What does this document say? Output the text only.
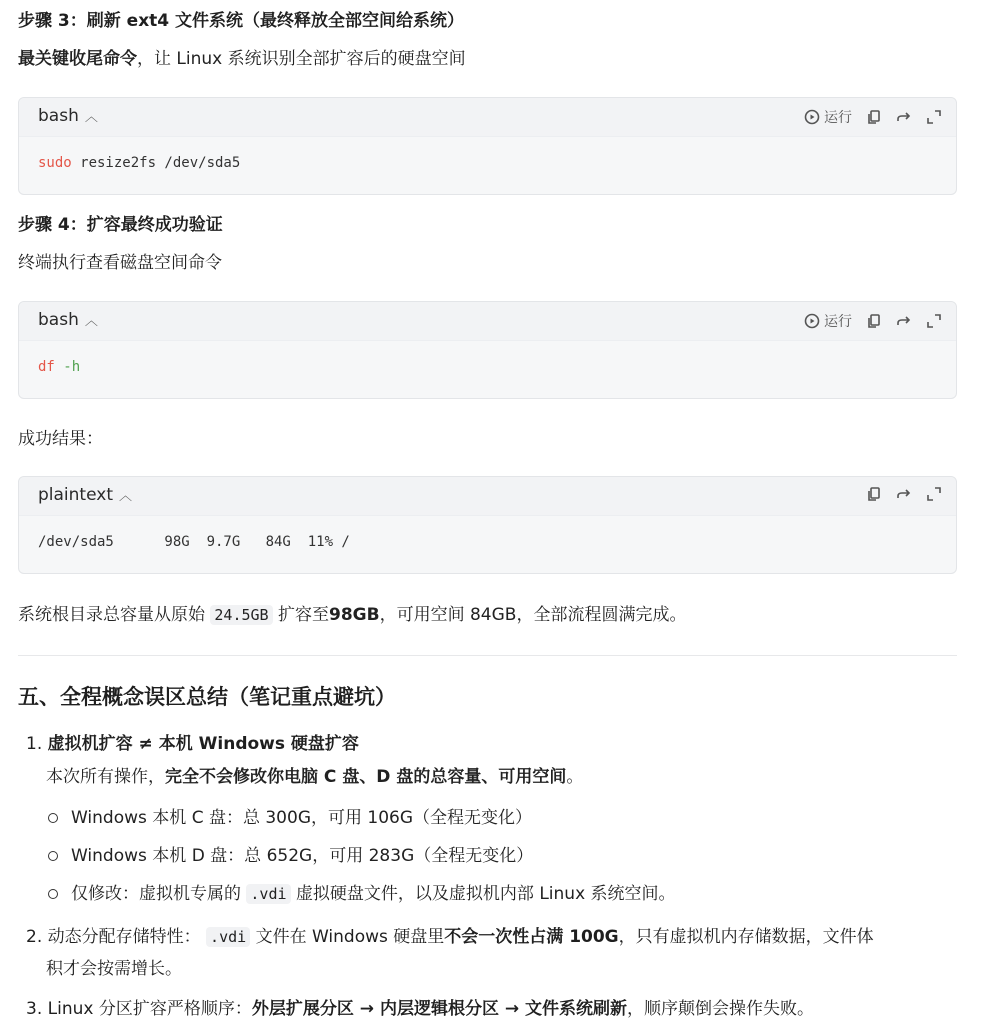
步骤 3：刷新 ext4 文件系统（最终释放全部空间给系统）
最关键收尾命令，让 Linux 系统识别全部扩容后的硬盘空间
bash ︿	运行
sudo resize2fs /dev/sda5
步骤 4：扩容最终成功验证
终端执行查看磁盘空间命令
bash ︿	运行
df -h
成功结果：
plaintext ︿
/dev/sda5      98G  9.7G   84G  11% /
系统根目录总容量从原始 24.5GB 扩容至98GB，可用空间 84GB，全部流程圆满完成。
五、全程概念误区总结（笔记重点避坑）
1. 虚拟机扩容 ≠ 本机 Windows 硬盘扩容
本次所有操作，完全不会修改你电脑 C 盘、D 盘的总容量、可用空间。
Windows 本机 C 盘：总 300G，可用 106G（全程无变化）
Windows 本机 D 盘：总 652G，可用 283G（全程无变化）
仅修改：虚拟机专属的 .vdi 虚拟硬盘文件，以及虚拟机内部 Linux 系统空间。
2. 动态分配存储特性： .vdi 文件在 Windows 硬盘里不会一次性占满 100G，只有虚拟机内存储数据，文件体
积才会按需增长。
3. Linux 分区扩容严格顺序：外层扩展分区 → 内层逻辑根分区 → 文件系统刷新，顺序颠倒会操作失败。
